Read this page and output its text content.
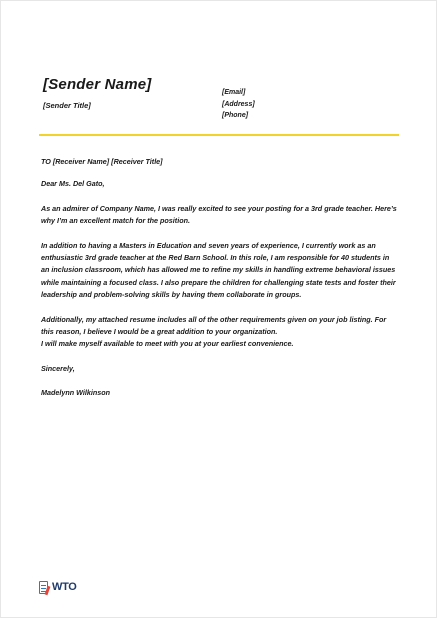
[Sender Name]
[Sender Title]
[Email]
[Address]
[Phone]

TO [Receiver Name] [Receiver Title]

Dear Ms. Del Gato,

As an admirer of Company Name, I was really excited to see your posting for a 3rd grade teacher. Here’s why I’m an excellent match for the position.

In addition to having a Masters in Education and seven years of experience, I currently work as an enthusiastic 3rd grade teacher at the Red Barn School. In this role, I am responsible for 40 students in an inclusion classroom, which has allowed me to refine my skills in handling extreme behavioral issues while maintaining a focused class. I also prepare the children for challenging state tests and foster their leadership and problem-solving skills by having them collaborate in groups.

Additionally, my attached resume includes all of the other requirements given on your job listing. For this reason, I believe I would be a great addition to your organization.

I will make myself available to meet with you at your earliest convenience.

Sincerely,

Madelynn Wilkinson

WTO
